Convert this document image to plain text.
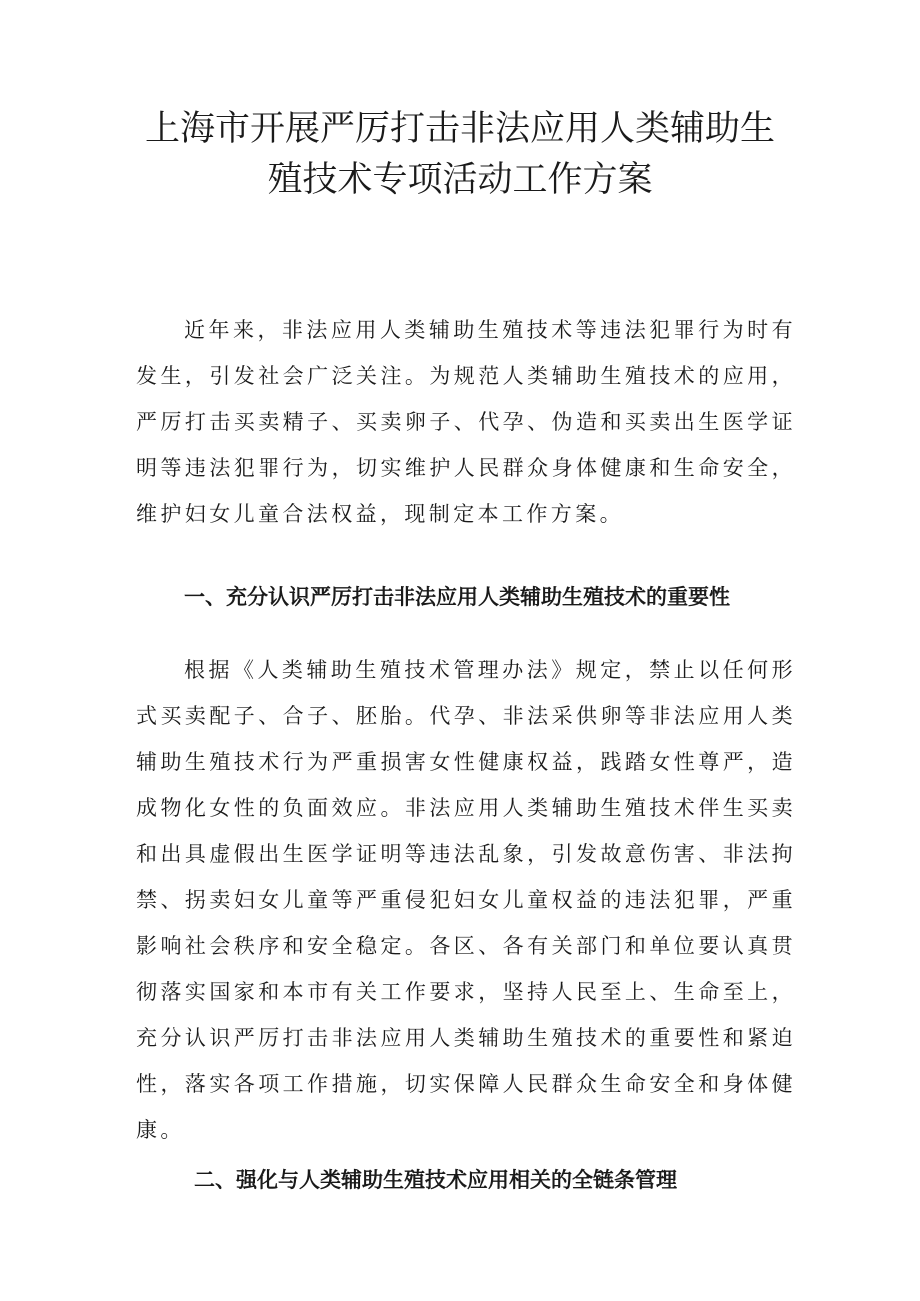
上海市开展严厉打击非法应用人类辅助生
殖技术专项活动工作方案

近年来，非法应用人类辅助生殖技术等违法犯罪行为时有发生，引发社会广泛关注。为规范人类辅助生殖技术的应用，严厉打击买卖精子、买卖卵子、代孕、伪造和买卖出生医学证明等违法犯罪行为，切实维护人民群众身体健康和生命安全，维护妇女儿童合法权益，现制定本工作方案。

一、充分认识严厉打击非法应用人类辅助生殖技术的重要性

根据《人类辅助生殖技术管理办法》规定，禁止以任何形式买卖配子、合子、胚胎。代孕、非法采供卵等非法应用人类辅助生殖技术行为严重损害女性健康权益，践踏女性尊严，造成物化女性的负面效应。非法应用人类辅助生殖技术伴生买卖和出具虚假出生医学证明等违法乱象，引发故意伤害、非法拘禁、拐卖妇女儿童等严重侵犯妇女儿童权益的违法犯罪，严重影响社会秩序和安全稳定。各区、各有关部门和单位要认真贯彻落实国家和本市有关工作要求，坚持人民至上、生命至上，充分认识严厉打击非法应用人类辅助生殖技术的重要性和紧迫性，落实各项工作措施，切实保障人民群众生命安全和身体健康。

二、强化与人类辅助生殖技术应用相关的全链条管理
